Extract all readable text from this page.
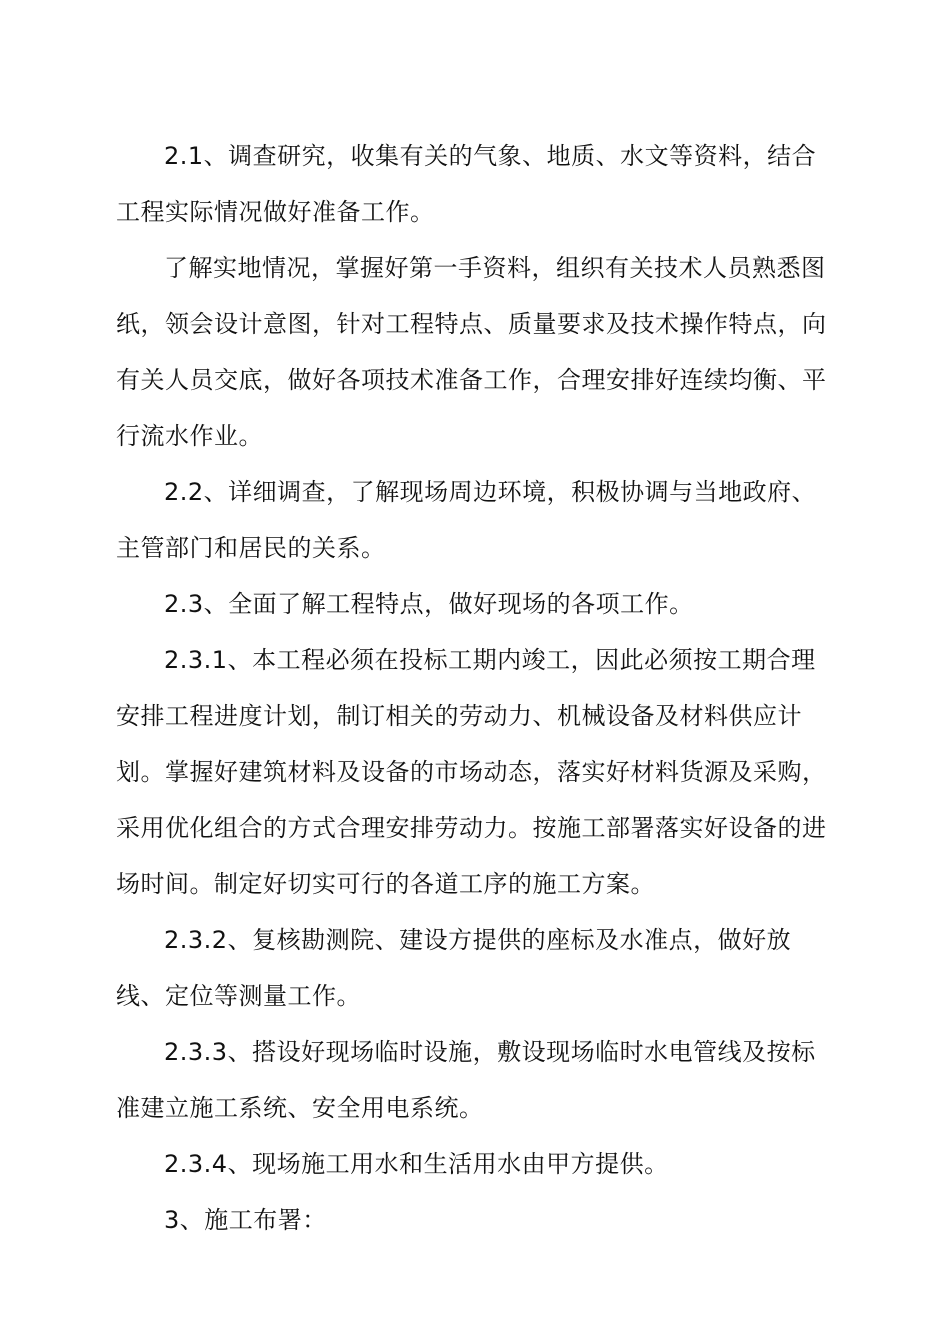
2.1、调查研究，收集有关的气象、地质、水文等资料，结合工程实际情况做好准备工作。

了解实地情况，掌握好第一手资料，组织有关技术人员熟悉图纸，领会设计意图，针对工程特点、质量要求及技术操作特点，向有关人员交底，做好各项技术准备工作，合理安排好连续均衡、平行流水作业。

2.2、详细调查，了解现场周边环境，积极协调与当地政府、主管部门和居民的关系。

2.3、全面了解工程特点，做好现场的各项工作。

2.3.1、本工程必须在投标工期内竣工，因此必须按工期合理安排工程进度计划，制订相关的劳动力、机械设备及材料供应计划。掌握好建筑材料及设备的市场动态，落实好材料货源及采购，采用优化组合的方式合理安排劳动力。按施工部署落实好设备的进场时间。制定好切实可行的各道工序的施工方案。

2.3.2、复核勘测院、建设方提供的座标及水准点，做好放线、定位等测量工作。

2.3.3、搭设好现场临时设施，敷设现场临时水电管线及按标准建立施工系统、安全用电系统。

2.3.4、现场施工用水和生活用水由甲方提供。

3、施工布署：
